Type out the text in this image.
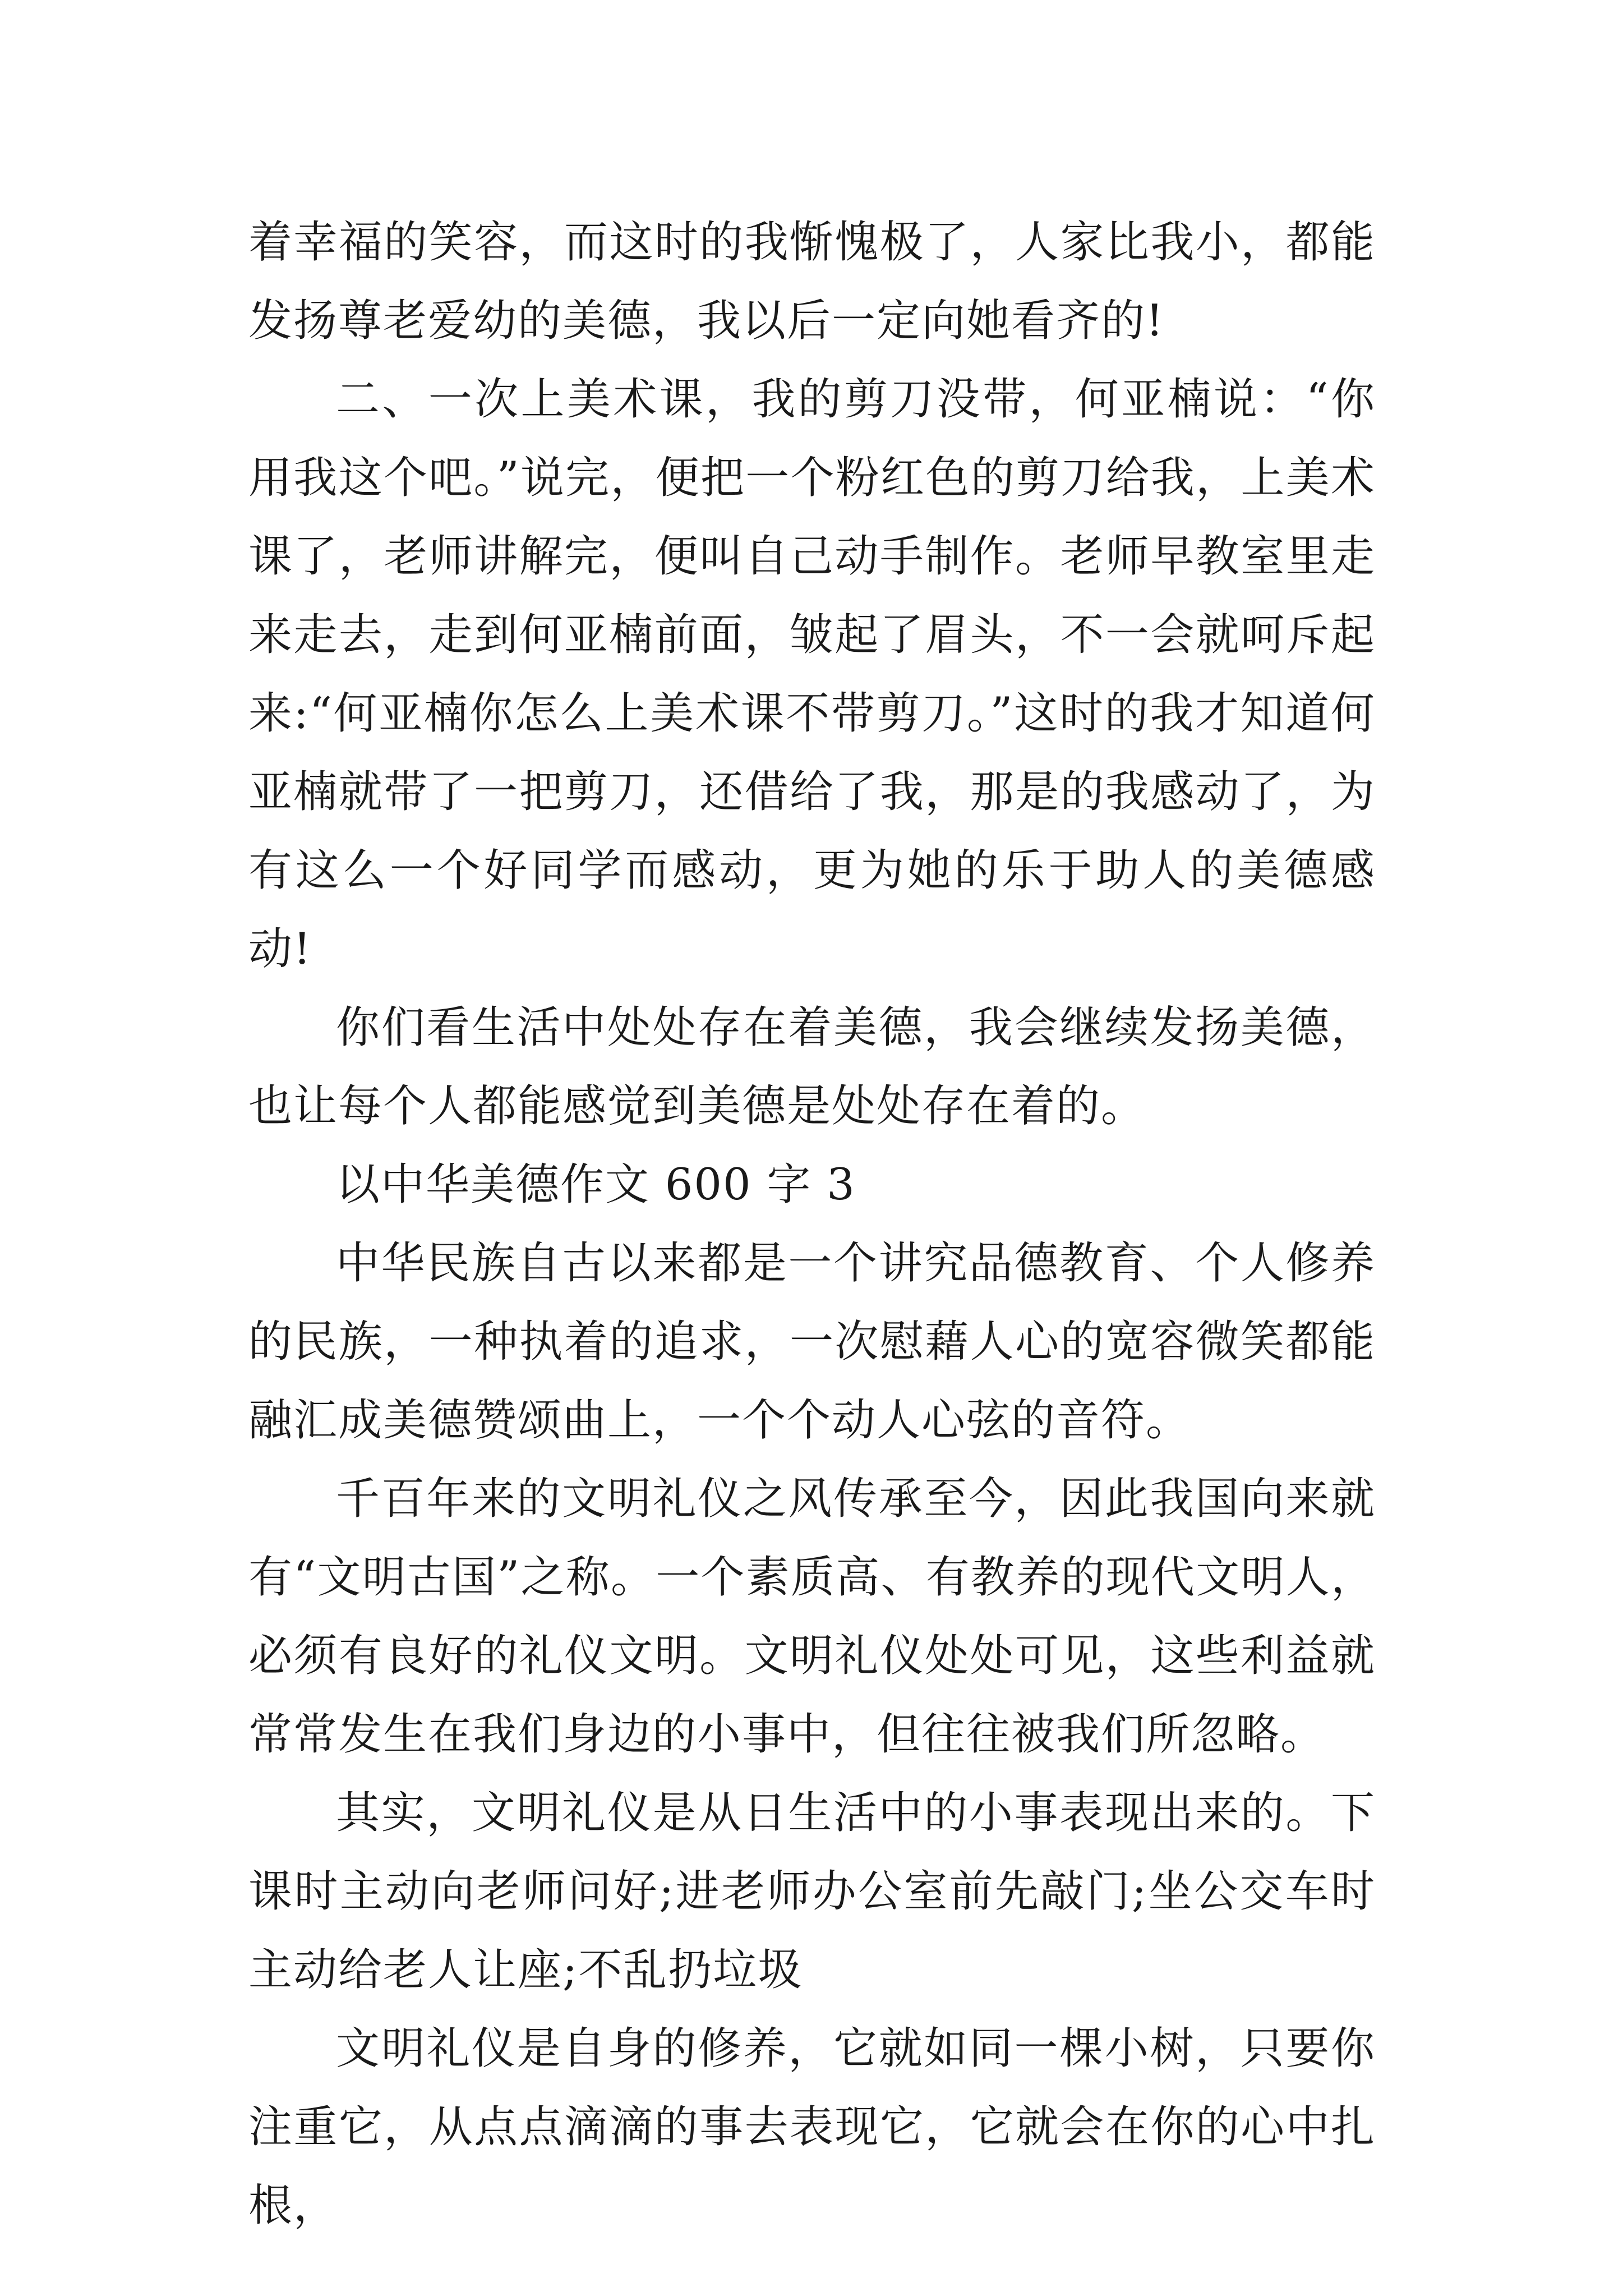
着幸福的笑容，而这时的我惭愧极了，人家比我小，都能发扬尊老爱幼的美德，我以后一定向她看齐的!

二、一次上美术课，我的剪刀没带，何亚楠说：“你用我这个吧。”说完，便把一个粉红色的剪刀给我，上美术课了，老师讲解完，便叫自己动手制作。老师早教室里走来走去，走到何亚楠前面，皱起了眉头，不一会就呵斥起来:“何亚楠你怎么上美术课不带剪刀。”这时的我才知道何亚楠就带了一把剪刀，还借给了我，那是的我感动了，为有这么一个好同学而感动，更为她的乐于助人的美德感动!

你们看生活中处处存在着美德，我会继续发扬美德，也让每个人都能感觉到美德是处处存在着的。

以中华美德作文 600 字 3

中华民族自古以来都是一个讲究品德教育、个人修养的民族，一种执着的追求，一次慰藉人心的宽容微笑都能融汇成美德赞颂曲上，一个个动人心弦的音符。

千百年来的文明礼仪之风传承至今，因此我国向来就有“文明古国”之称。一个素质高、有教养的现代文明人，必须有良好的礼仪文明。文明礼仪处处可见，这些利益就常常发生在我们身边的小事中，但往往被我们所忽略。

其实，文明礼仪是从日生活中的小事表现出来的。下课时主动向老师问好;进老师办公室前先敲门;坐公交车时主动给老人让座;不乱扔垃圾

文明礼仪是自身的修养，它就如同一棵小树，只要你注重它，从点点滴滴的事去表现它，它就会在你的心中扎根，
